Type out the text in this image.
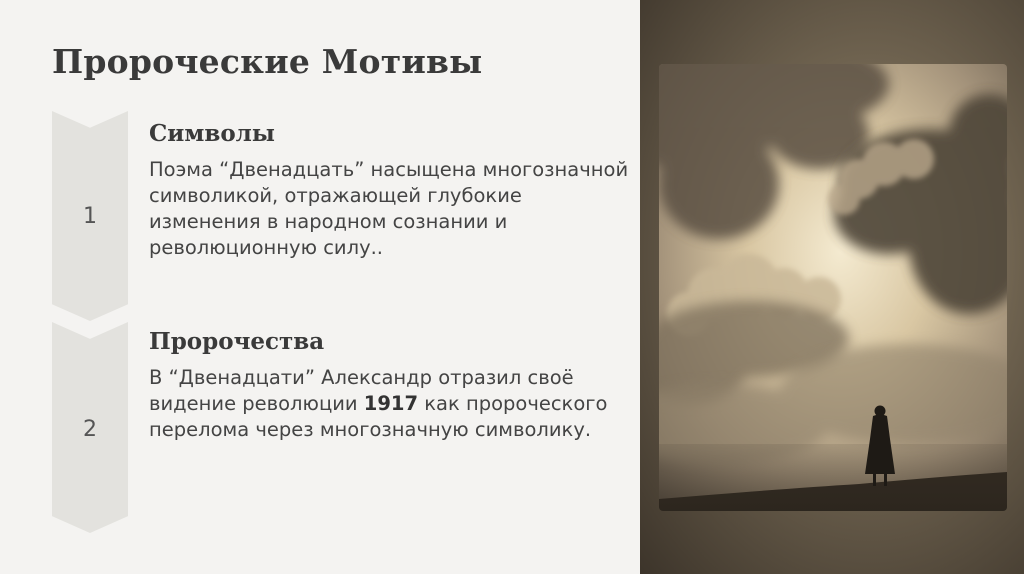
Пророческие Мотивы
1
Символы

Поэма “Двенадцать” насыщена многозначной символикой, отражающей глубокие изменения в народном сознании и революционную силу..

2
Пророчества

В “Двенадцати” Александр отразил своё видение революции 1917 как пророческого перелома через многозначную символику.
